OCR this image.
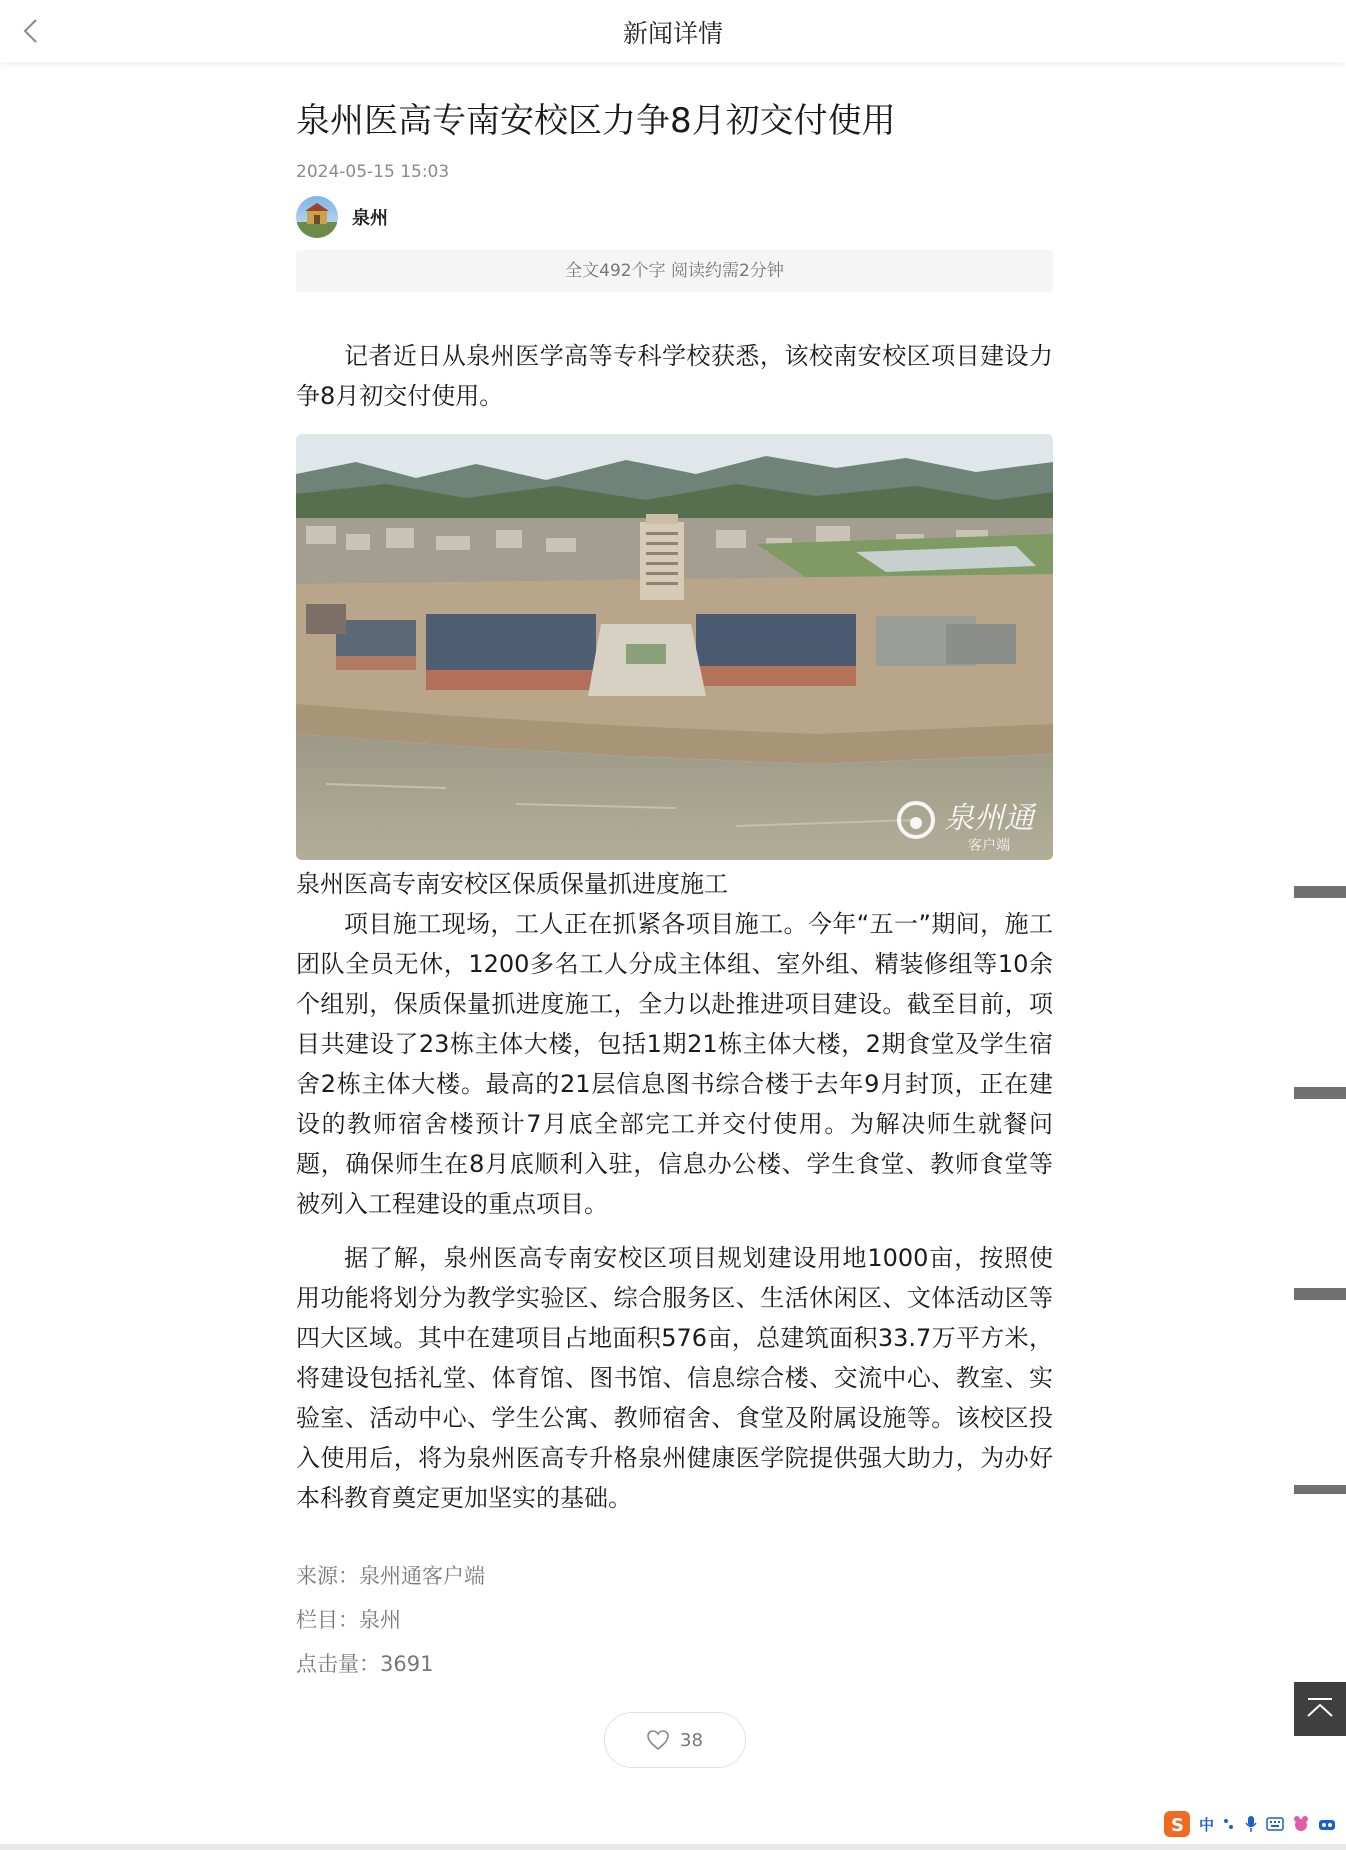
新闻详情
泉州医高专南安校区力争8月初交付使用
2024-05-15 15:03
泉州
全文492个字 阅读约需2分钟

记者近日从泉州医学高等专科学校获悉，该校南安校区项目建设力争8月初交付使用。

泉州通
客户端
泉州医高专南安校区保质保量抓进度施工

项目施工现场，工人正在抓紧各项目施工。今年“五一”期间，施工团队全员无休，1200多名工人分成主体组、室外组、精装修组等10余个组别，保质保量抓进度施工，全力以赴推进项目建设。截至目前，项目共建设了23栋主体大楼，包括1期21栋主体大楼，2期食堂及学生宿舍2栋主体大楼。最高的21层信息图书综合楼于去年9月封顶，正在建设的教师宿舍楼预计7月底全部完工并交付使用。为解决师生就餐问题，确保师生在8月底顺利入驻，信息办公楼、学生食堂、教师食堂等被列入工程建设的重点项目。

据了解，泉州医高专南安校区项目规划建设用地1000亩，按照使用功能将划分为教学实验区、综合服务区、生活休闲区、文体活动区等四大区域。其中在建项目占地面积576亩，总建筑面积33.7万平方米，将建设包括礼堂、体育馆、图书馆、信息综合楼、交流中心、教室、实验室、活动中心、学生公寓、教师宿舍、食堂及附属设施等。该校区投入使用后，将为泉州医高专升格泉州健康医学院提供强大助力，为办好本科教育奠定更加坚实的基础。

来源：泉州通客户端
栏目：泉州
点击量：3691
38
S 中
